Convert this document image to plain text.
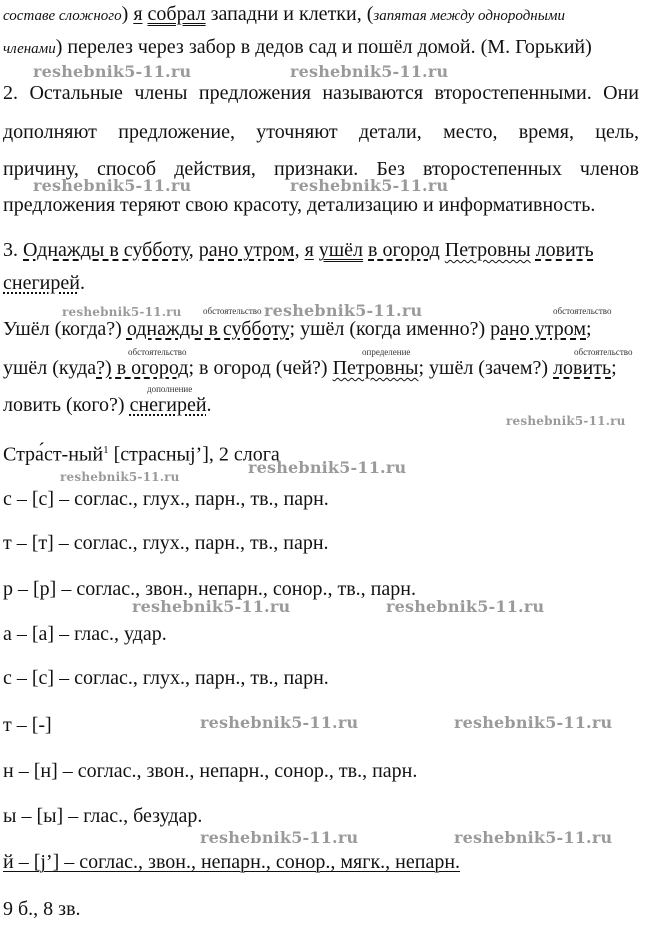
составе сложного) я собрал западни и клетки, (запятая между однородными
членами) перелез через забор в дедов сад и пошёл домой. (М. Горький)
2. Остальные члены предложения называются второстепенными. Они
дополняют предложение, уточняют детали, место, время, цель,
причину, способ действия, признаки. Без второстепенных членов
предложения теряют свою красоту, детализацию и информативность.
3. Однажды в субботу, рано утром, я ушёл в огород Петровны ловить
снегирей.
обстоятельство	обстоятельство
обстоятельство	определение	обстоятельство
дополнение
Ушёл (когда?) однажды в субботу; ушёл (когда именно?) рано утром;
ушёл (куда?) в огород; в огород (чей?) Петровны; ушёл (зачем?) ловить;
ловить (кого?) снегирей.
Стра́ст-ный$^1$ [страсныj’], 2 слога
с – [с] – соглас., глух., парн., тв., парн.
т – [т] – соглас., глух., парн., тв., парн.
р – [р] – соглас., звон., непарн., сонор., тв., парн.
а – [а] – глас., удар.
с – [с] – соглас., глух., парн., тв., парн.
т – [-]
н – [н] – соглас., звон., непарн., сонор., тв., парн.
ы – [ы] – глас., безудар.
й – [j’] – соглас., звон., непарн., сонор., мягк., непарн.
9 б., 8 зв.
reshebnik5-11.ru	reshebnik5-11.ru
reshebnik5-11.ru	reshebnik5-11.ru
reshebnik5-11.ru	reshebnik5-11.ru
reshebnik5-11.ru
reshebnik5-11.ru	reshebnik5-11.ru
reshebnik5-11.ru	reshebnik5-11.ru
reshebnik5-11.ru	reshebnik5-11.ru
reshebnik5-11.ru	reshebnik5-11.ru
